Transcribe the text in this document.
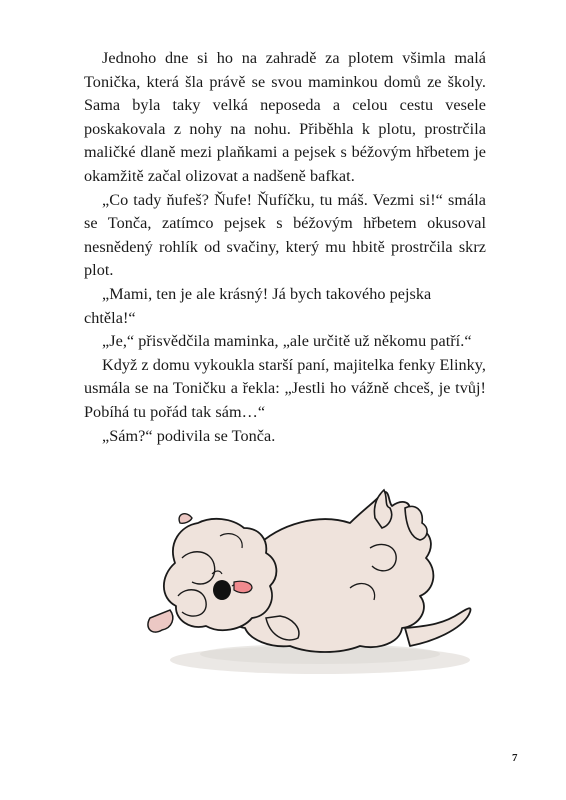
Jednoho dne si ho na zahradě za plotem všimla malá Tonička, která šla právě se svou maminkou domů ze školy. Sama byla taky velká neposeda a celou cestu vesele poskakovala z nohy na nohu. Přiběhla k plotu, prostrčila maličké dlaně mezi plaňkami a pejsek s béžovým hřbetem je okamžitě začal olizovat a nadšeně bafkat.

„Co tady ňufeš? Ňufe! Ňufíčku, tu máš. Vezmi si!“ smála se Tonča, zatímco pejsek s béžovým hřbetem okusoval nesnědený rohlík od svačiny, který mu hbitě prostrčila skrz plot.

„Mami, ten je ale krásný! Já bych takového pejska chtěla!“

„Je,“ přisvědčila maminka, „ale určitě už někomu patří.“

Když z domu vykoukla starší paní, majitelka fenky Elinky, usmála se na Toničku a řekla: „Jestli ho vážně chceš, je tvůj! Pobíhá tu pořád tak sám…“

„Sám?“ podivila se Tonča.

7
